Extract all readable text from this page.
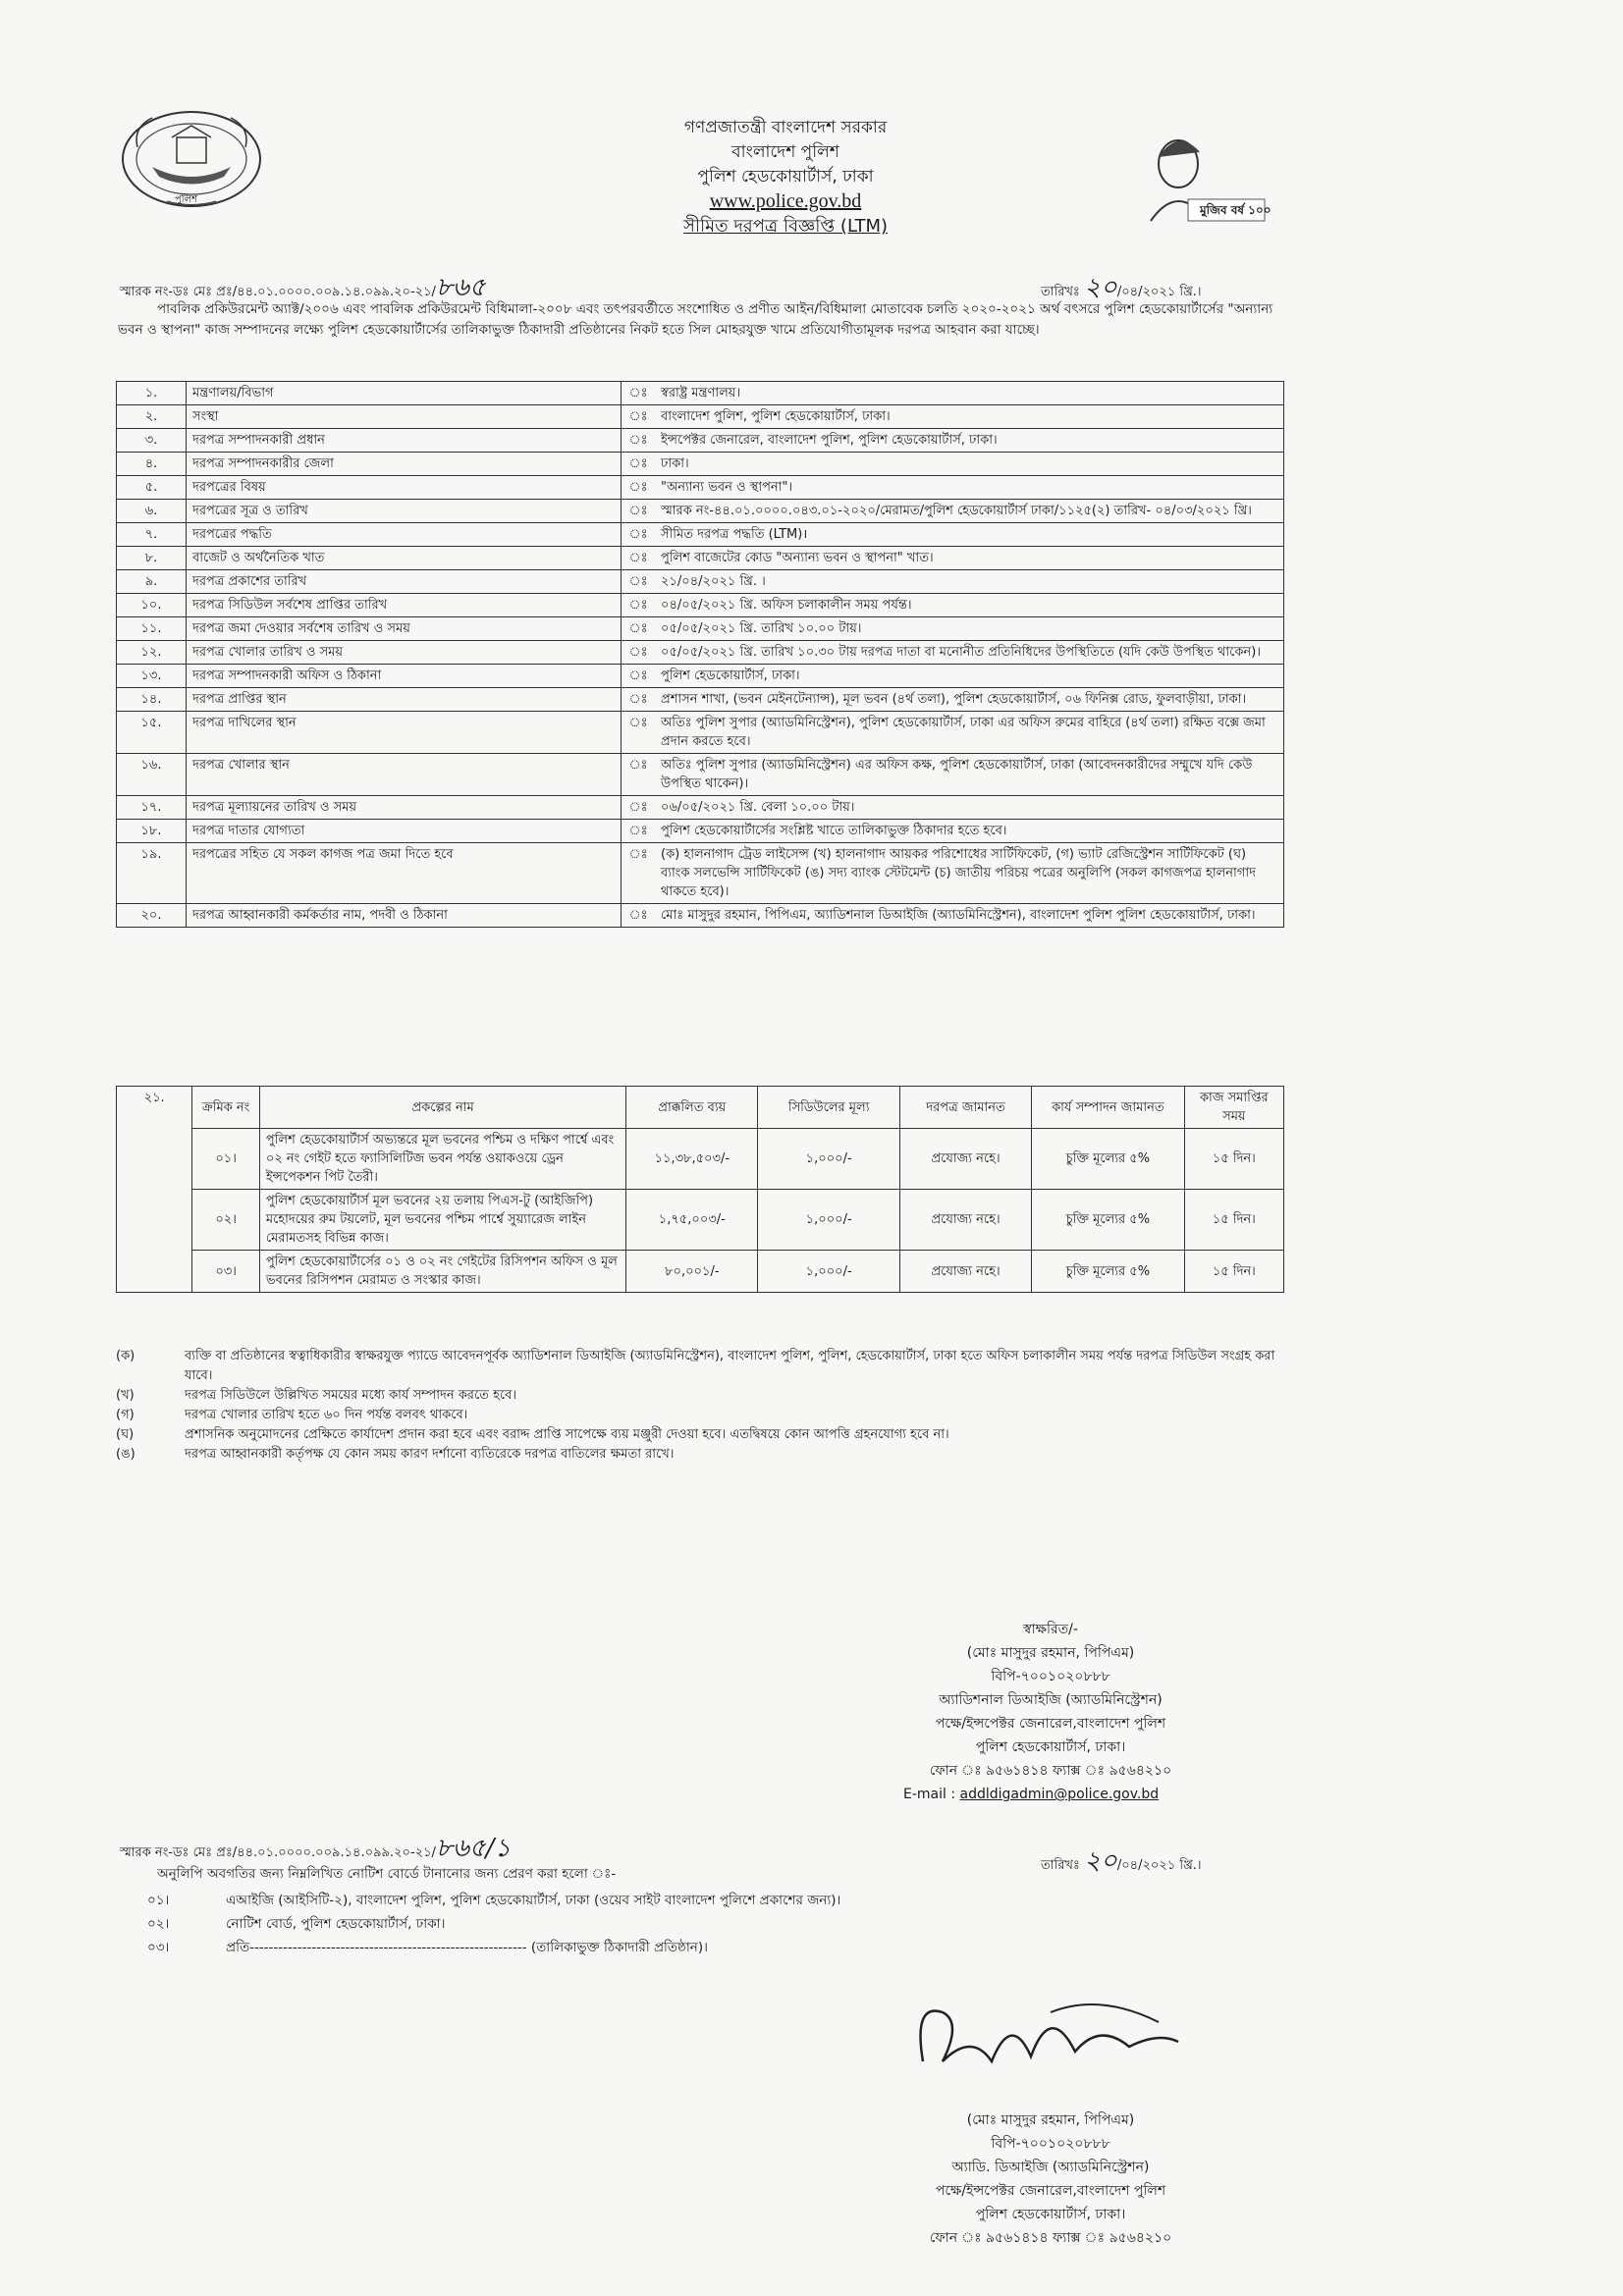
পুলিশ
মুজিব বর্ষ ১০০
গণপ্রজাতন্ত্রী বাংলাদেশ সরকার
বাংলাদেশ পুলিশ
পুলিশ হেডকোয়ার্টার্স, ঢাকা
www.police.gov.bd
সীমিত দরপত্র বিজ্ঞপ্তি (LTM)
স্মারক নং-ডঃ মেঃ প্রঃ/৪৪.০১.০০০০.০০৯.১৪.০৯৯.২০-২১/৮৬৫	তারিখঃ ২০/০৪/২০২১ খ্রি.।
পাবলিক প্রকিউরমেন্ট অ্যাক্ট/২০০৬ এবং পাবলিক প্রকিউরমেন্ট বিধিমালা-২০০৮ এবং তৎপরবর্তীতে সংশোধিত ও প্রণীত আইন/বিধিমালা মোতাবেক চলতি ২০২০-২০২১ অর্থ বৎসরে পুলিশ হেডকোয়ার্টার্সের "অন্যান্য ভবন ও স্থাপনা" কাজ সম্পাদনের লক্ষ্যে পুলিশ হেডকোয়ার্টার্সের তালিকাভুক্ত ঠিকাদারী প্রতিষ্ঠানের নিকট হতে সিল মোহরযুক্ত খামে প্রতিযোগীতামূলক দরপত্র আহবান করা যাচ্ছে।
১.	মন্ত্রণালয়/বিভাগ	ঃ	স্বরাষ্ট্র মন্ত্রণালয়।
২.	সংস্থা	ঃ	বাংলাদেশ পুলিশ, পুলিশ হেডকোয়ার্টার্স, ঢাকা।
৩.	দরপত্র সম্পাদনকারী প্রধান	ঃ	ইন্সপেক্টর জেনারেল, বাংলাদেশ পুলিশ, পুলিশ হেডকোয়ার্টার্স, ঢাকা।
৪.	দরপত্র সম্পাদনকারীর জেলা	ঃ	ঢাকা।
৫.	দরপত্রের বিষয়	ঃ	"অন্যান্য ভবন ও স্থাপনা"।
৬.	দরপত্রের সূত্র ও তারিখ	ঃ	স্মারক নং-৪৪.০১.০০০০.০৪৩.০১-২০২০/মেরামত/পুলিশ হেডকোয়ার্টার্স ঢাকা/১১২৫(২) তারিখ- ০৪/০৩/২০২১ খ্রি।
৭.	দরপত্রের পদ্ধতি	ঃ	সীমিত দরপত্র পদ্ধতি (LTM)।
৮.	বাজেট ও অর্থনৈতিক খাত	ঃ	পুলিশ বাজেটের কোড "অন্যান্য ভবন ও স্থাপনা" খাত।
৯.	দরপত্র প্রকাশের তারিখ	ঃ	২১/০৪/২০২১ খ্রি. ।
১০.	দরপত্র সিডিউল সর্বশেষ প্রাপ্তির তারিখ	ঃ	০৪/০৫/২০২১ খ্রি. অফিস চলাকালীন সময় পর্যন্ত।
১১.	দরপত্র জমা দেওয়ার সর্বশেষ তারিখ ও সময়	ঃ	০৫/০৫/২০২১ খ্রি. তারিখ ১০.০০ টায়।
১২.	দরপত্র খোলার তারিখ ও সময়	ঃ	০৫/০৫/২০২১ খ্রি. তারিখ ১০.৩০ টায় দরপত্র দাতা বা মনোনীত প্রতিনিধিদের উপস্থিতিতে (যদি কেউ উপস্থিত থাকেন)।
১৩.	দরপত্র সম্পাদনকারী অফিস ও ঠিকানা	ঃ	পুলিশ হেডকোয়ার্টার্স, ঢাকা।
১৪.	দরপত্র প্রাপ্তির স্থান	ঃ	প্রশাসন শাখা, (ভবন মেইনটেন্যান্স), মূল ভবন (৪র্থ তলা), পুলিশ হেডকোয়ার্টার্স, ০৬ ফিনিক্স রোড, ফুলবাড়ীয়া, ঢাকা।
১৫.	দরপত্র দাখিলের স্থান	ঃ	অতিঃ পুলিশ সুপার (অ্যাডমিনিস্ট্রেশন), পুলিশ হেডকোয়ার্টার্স, ঢাকা এর অফিস রুমের বাহিরে (৪র্থ তলা) রক্ষিত বক্সে জমা প্রদান করতে হবে।
১৬.	দরপত্র খোলার স্থান	ঃ	অতিঃ পুলিশ সুপার (অ্যাডমিনিস্ট্রেশন) এর অফিস কক্ষ, পুলিশ হেডকোয়ার্টার্স, ঢাকা (আবেদনকারীদের সম্মুখে যদি কেউ উপস্থিত থাকেন)।
১৭.	দরপত্র মূল্যায়নের তারিখ ও সময়	ঃ	০৬/০৫/২০২১ খ্রি. বেলা ১০.০০ টায়।
১৮.	দরপত্র দাতার যোগ্যতা	ঃ	পুলিশ হেডকোয়ার্টার্সের সংশ্লিষ্ট খাতে তালিকাভুক্ত ঠিকাদার হতে হবে।
১৯.	দরপত্রের সহিত যে সকল কাগজ পত্র জমা দিতে হবে	ঃ	(ক) হালনাগাদ ট্রেড লাইসেন্স (খ) হালনাগাদ আয়কর পরিশোধের সার্টিফিকেট, (গ) ভ্যাট রেজিস্ট্রেশন সার্টিফিকেট (ঘ) ব্যাংক সলভেন্সি সার্টিফিকেট (ঙ) সদ্য ব্যাংক স্টেটমেন্ট (চ) জাতীয় পরিচয় পত্রের অনুলিপি (সকল কাগজপত্র হালনাগাদ থাকতে হবে)।
২০.	দরপত্র আহ্বানকারী কর্মকর্তার নাম, পদবী ও ঠিকানা	ঃ	মোঃ মাসুদুর রহমান, পিপিএম, অ্যাডিশনাল ডিআইজি (অ্যাডমিনিস্ট্রেশন), বাংলাদেশ পুলিশ পুলিশ হেডকোয়ার্টার্স, ঢাকা।
২১.	ক্রমিক নং	প্রকল্পের নাম	প্রাক্কলিত ব্যয়	সিডিউলের মূল্য	দরপত্র জামানত	কার্য সম্পাদন জামানত	কাজ সমাপ্তির সময়
	০১।	পুলিশ হেডকোয়ার্টার্স অভ্যন্তরে মূল ভবনের পশ্চিম ও দক্ষিণ পার্শ্বে এবং ০২ নং গেইট হতে ফ্যাসিলিটিজ ভবন পর্যন্ত ওয়াকওয়ে ড্রেন ইন্সপেকশন পিট তৈরী।	১১,৩৮,৫০৩/-	১,০০০/-	প্রযোজ্য নহে।	চুক্তি মূল্যের ৫%	১৫ দিন।
	০২।	পুলিশ হেডকোয়ার্টার্স মূল ভবনের ২য় তলায় পিএস-টু (আইজিপি) মহোদয়ের রুম টয়লেট, মূল ভবনের পশ্চিম পার্শ্বে সুয়্যারেজ লাইন মেরামতসহ বিভিন্ন কাজ।	১,৭৫,০০৩/-	১,০০০/-	প্রযোজ্য নহে।	চুক্তি মূল্যের ৫%	১৫ দিন।
	০৩।	পুলিশ হেডকোয়ার্টার্সের ০১ ও ০২ নং গেইটের রিসিপশন অফিস ও মূল ভবনের রিসিপশন মেরামত ও সংস্কার কাজ।	৮০,০০১/-	১,০০০/-	প্রযোজ্য নহে।	চুক্তি মূল্যের ৫%	১৫ দিন।
(ক)	ব্যক্তি বা প্রতিষ্ঠানের স্বত্বাধিকারীর স্বাক্ষরযুক্ত প্যাডে আবেদনপূর্বক অ্যাডিশনাল ডিআইজি (অ্যাডমিনিস্ট্রেশন), বাংলাদেশ পুলিশ, পুলিশ, হেডকোয়ার্টার্স, ঢাকা হতে অফিস চলাকালীন সময় পর্যন্ত দরপত্র সিডিউল সংগ্রহ করা যাবে।
(খ)	দরপত্র সিডিউলে উল্লিখিত সময়ের মধ্যে কার্য সম্পাদন করতে হবে।
(গ)	দরপত্র খোলার তারিখ হতে ৬০ দিন পর্যন্ত বলবৎ থাকবে।
(ঘ)	প্রশাসনিক অনুমোদনের প্রেক্ষিতে কার্যাদেশ প্রদান করা হবে এবং বরাদ্দ প্রাপ্তি সাপেক্ষে ব্যয় মঞ্জুরী দেওয়া হবে। এতদ্বিষয়ে কোন আপত্তি গ্রহনযোগ্য হবে না।
(ঙ)	দরপত্র আহ্বানকারী কর্তৃপক্ষ যে কোন সময় কারণ দর্শানো ব্যতিরেকে দরপত্র বাতিলের ক্ষমতা রাখে।
স্বাক্ষরিত/-
(মোঃ মাসুদুর রহমান, পিপিএম)
বিপি-৭০০১০২০৮৮৮
অ্যাডিশনাল ডিআইজি (অ্যাডমিনিস্ট্রেশন)
পক্ষে/ইন্সপেক্টর জেনারেল,বাংলাদেশ পুলিশ
পুলিশ হেডকোয়ার্টার্স, ঢাকা।
ফোন ঃ ৯৫৬১৪১৪ ফ্যাক্স ঃ ৯৫৬৪২১০
E-mail : addldigadmin@police.gov.bd
স্মারক নং-ডঃ মেঃ প্রঃ/৪৪.০১.০০০০.০০৯.১৪.০৯৯.২০-২১/৮৬৫/১
তারিখঃ ২০/০৪/২০২১ খ্রি.।
অনুলিপি অবগতির জন্য নিম্নলিখিত নোটিশ বোর্ডে টানানোর জন্য প্রেরণ করা হলো ঃ-
০১।	এআইজি (আইসিটি-২), বাংলাদেশ পুলিশ, পুলিশ হেডকোয়ার্টার্স, ঢাকা (ওয়েব সাইট বাংলাদেশ পুলিশে প্রকাশের জন্য)।
০২।	নোটিশ বোর্ড, পুলিশ হেডকোয়ার্টার্স, ঢাকা।
০৩।	প্রতি---------------------------------------------------------- (তালিকাভুক্ত ঠিকাদারী প্রতিষ্ঠান)।
(মোঃ মাসুদুর রহমান, পিপিএম)
বিপি-৭০০১০২০৮৮৮
অ্যাডি. ডিআইজি (অ্যাডমিনিস্ট্রেশন)
পক্ষে/ইন্সপেক্টর জেনারেল,বাংলাদেশ পুলিশ
পুলিশ হেডকোয়ার্টার্স, ঢাকা।
ফোন ঃ ৯৫৬১৪১৪ ফ্যাক্স ঃ ৯৫৬৪২১০
